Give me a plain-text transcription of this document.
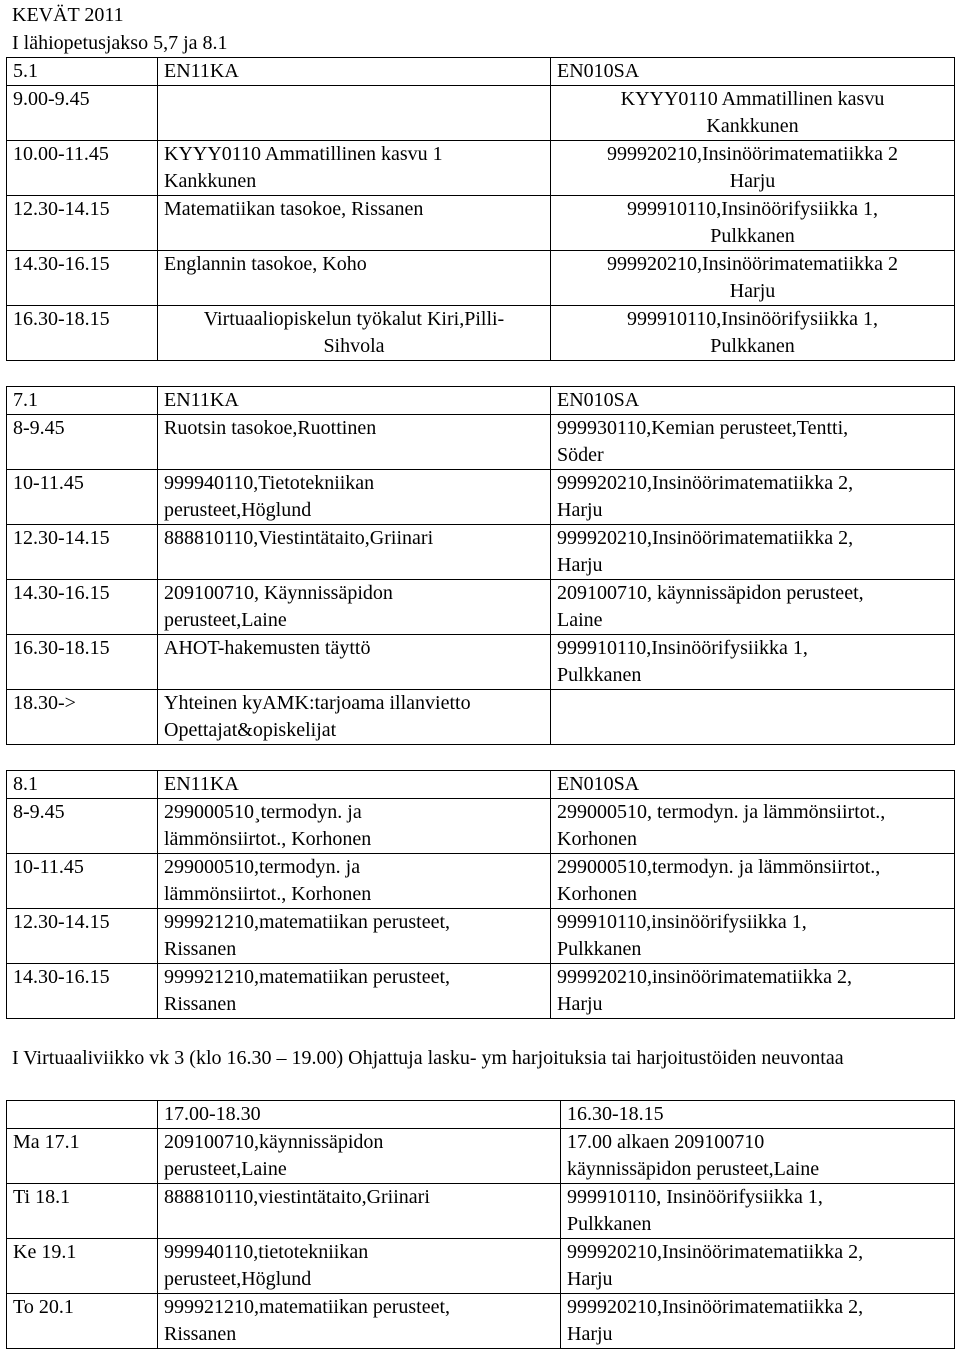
KEVÄT 2011
I lähiopetusjakso 5,7 ja 8.1
5.1	EN11KA	EN010SA
9.00-9.45		KYYY0110 Ammatillinen kasvu
Kankkunen
10.00-11.45	KYYY0110 Ammatillinen kasvu 1
Kankkunen	999920210,Insinöörimatematiikka 2
Harju
12.30-14.15	Matematiikan tasokoe, Rissanen	999910110,Insinöörifysiikka 1,
Pulkkanen
14.30-16.15	Englannin tasokoe, Koho	999920210,Insinöörimatematiikka 2
Harju
16.30-18.15	Virtuaaliopiskelun työkalut Kiri,Pilli-
Sihvola	999910110,Insinöörifysiikka 1,
Pulkkanen
7.1	EN11KA	EN010SA
8-9.45	Ruotsin tasokoe,Ruottinen	999930110,Kemian perusteet,Tentti,
Söder
10-11.45	999940110,Tietotekniikan
perusteet,Höglund	999920210,Insinöörimatematiikka 2,
Harju
12.30-14.15	888810110,Viestintätaito,Griinari	999920210,Insinöörimatematiikka 2,
Harju
14.30-16.15	209100710, Käynnissäpidon
perusteet,Laine	209100710, käynnissäpidon perusteet,
Laine
16.30-18.15	AHOT-hakemusten täyttö	999910110,Insinöörifysiikka 1,
Pulkkanen
18.30->	Yhteinen kyAMK:tarjoama illanvietto
Opettajat&opiskelijat	
8.1	EN11KA	EN010SA
8-9.45	299000510¸termodyn. ja
lämmönsiirtot., Korhonen	299000510, termodyn. ja lämmönsiirtot.,
Korhonen
10-11.45	299000510,termodyn. ja
lämmönsiirtot., Korhonen	299000510,termodyn. ja lämmönsiirtot.,
Korhonen
12.30-14.15	999921210,matematiikan perusteet,
Rissanen	999910110,insinöörifysiikka 1,
Pulkkanen
14.30-16.15	999921210,matematiikan perusteet,
Rissanen	999920210,insinöörimatematiikka 2,
Harju
I Virtuaaliviikko vk 3 (klo 16.30 – 19.00) Ohjattuja lasku- ym harjoituksia tai harjoitustöiden neuvontaa
	17.00-18.30	16.30-18.15
Ma 17.1	209100710,käynnissäpidon
perusteet,Laine	17.00 alkaen 209100710
käynnissäpidon perusteet,Laine
Ti 18.1	888810110,viestintätaito,Griinari	999910110, Insinöörifysiikka 1,
Pulkkanen
Ke 19.1	999940110,tietotekniikan
perusteet,Höglund	999920210,Insinöörimatematiikka 2,
Harju
To 20.1	999921210,matematiikan perusteet,
Rissanen	999920210,Insinöörimatematiikka 2,
Harju
